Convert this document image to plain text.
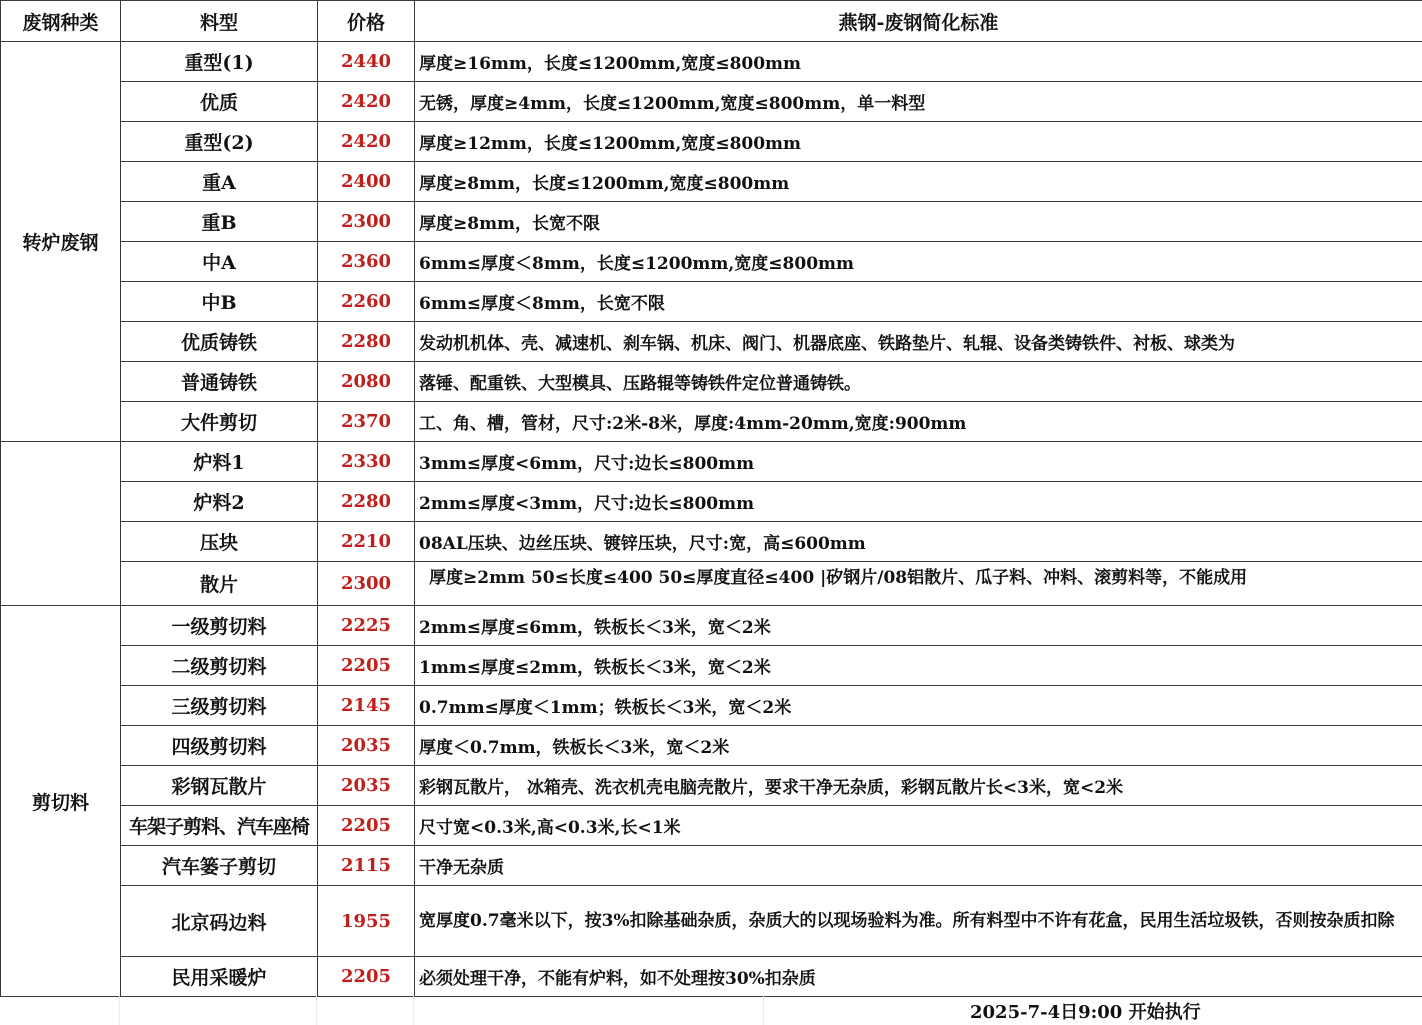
废钢种类	料型	价格	燕钢-废钢简化标准
转炉废钢	重型(1)	2440	厚度≥16mm，长度≤1200mm,宽度≤800mm
	优质	2420	无锈，厚度≥4mm，长度≤1200mm,宽度≤800mm，单一料型
	重型(2)	2420	厚度≥12mm，长度≤1200mm,宽度≤800mm
	重A	2400	厚度≥8mm，长度≤1200mm,宽度≤800mm
	重B	2300	厚度≥8mm，长宽不限
	中A	2360	6mm≤厚度＜8mm，长度≤1200mm,宽度≤800mm
	中B	2260	6mm≤厚度＜8mm，长宽不限
	优质铸铁	2280	发动机机体、壳、减速机、刹车锅、机床、阀门、机器底座、铁路垫片、轧辊、设备类铸铁件、衬板、球类为
	普通铸铁	2080	落锤、配重铁、大型模具、压路辊等铸铁件定位普通铸铁。
	大件剪切	2370	工、角、槽，管材，尺寸:2米-8米，厚度:4mm-20mm,宽度:900mm
	炉料1	2330	3mm≤厚度<6mm，尺寸:边长≤800mm
	炉料2	2280	2mm≤厚度<3mm，尺寸:边长≤800mm
	压块	2210	08AL压块、边丝压块、镀锌压块，尺寸:宽，高≤600mm
	散片	2300	厚度≥2mm 50≤长度≤400 50≤厚度直径≤400 |矽钢片/08铝散片、瓜子料、冲料、滚剪料等，不能成用
剪切料	一级剪切料	2225	2mm≤厚度≤6mm，铁板长＜3米，宽＜2米
	二级剪切料	2205	1mm≤厚度≤2mm，铁板长＜3米，宽＜2米
	三级剪切料	2145	0.7mm≤厚度＜1mm；铁板长＜3米，宽＜2米
	四级剪切料	2035	厚度＜0.7mm，铁板长＜3米，宽＜2米
	彩钢瓦散片	2035	彩钢瓦散片， 冰箱壳、洗衣机壳电脑壳散片，要求干净无杂质，彩钢瓦散片长<3米，宽<2米
	车架子剪料、汽车座椅	2205	尺寸宽<0.3米,高<0.3米,长<1米
	汽车篓子剪切	2115	干净无杂质
	北京码边料	1955	宽厚度0.7毫米以下，按3%扣除基础杂质，杂质大的以现场验料为准。所有料型中不许有花盒，民用生活垃圾铁，否则按杂质扣除
	民用采暖炉	2205	必须处理干净，不能有炉料，如不处理按30%扣杂质
2025-7-4日9:00 开始执行
